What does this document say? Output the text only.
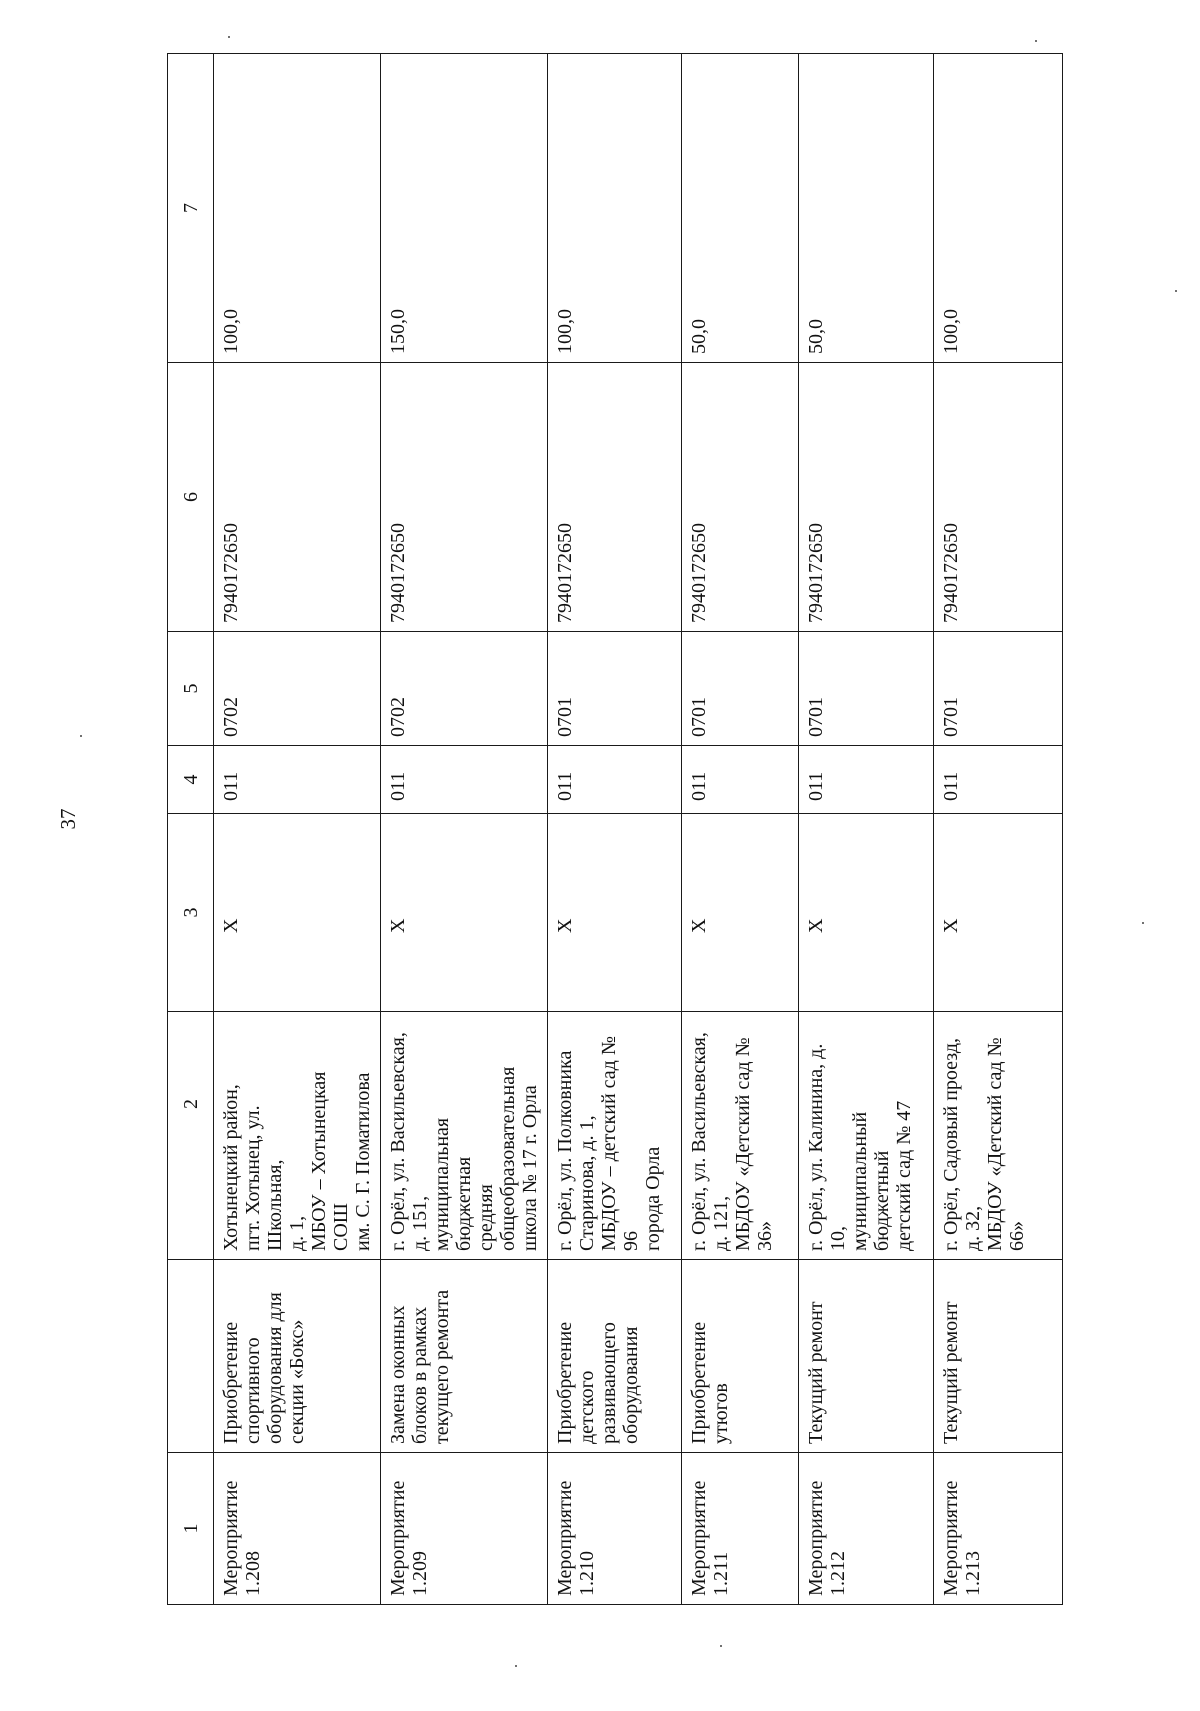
37
1		2	3	4	5	6	7
Мероприятие
1.208	Приобретение спортивного оборудования для секции «Бокс»	Хотынецкий район,
пгт. Хотынец, ул. Школьная,
д. 1,
МБОУ – Хотынецкая СОШ
им. С. Г. Поматилова	Х	011	0702	7940172650	100,0
Мероприятие
1.209	Замена оконных блоков в рамках текущего ремонта	г. Орёл, ул. Васильевская,
д. 151,
муниципальная бюджетная
средняя общеобразовательная
школа № 17 г. Орла	Х	011	0702	7940172650	150,0
Мероприятие
1.210	Приобретение детского развивающего оборудования	г. Орёл, ул. Полковника
Старинова, д. 1,
МБДОУ – детский сад № 96
города Орла	Х	011	0701	7940172650	100,0
Мероприятие
1.211	Приобретение утюгов	г. Орёл, ул. Васильевская,
д. 121,
МБДОУ «Детский сад № 36»	Х	011	0701	7940172650	50,0
Мероприятие
1.212	Текущий ремонт	г. Орёл, ул. Калинина, д. 10,
муниципальный бюджетный
детский сад № 47	Х	011	0701	7940172650	50,0
Мероприятие
1.213	Текущий ремонт	г. Орёл, Садовый проезд,
д. 32,
МБДОУ «Детский сад № 66»	Х	011	0701	7940172650	100,0
